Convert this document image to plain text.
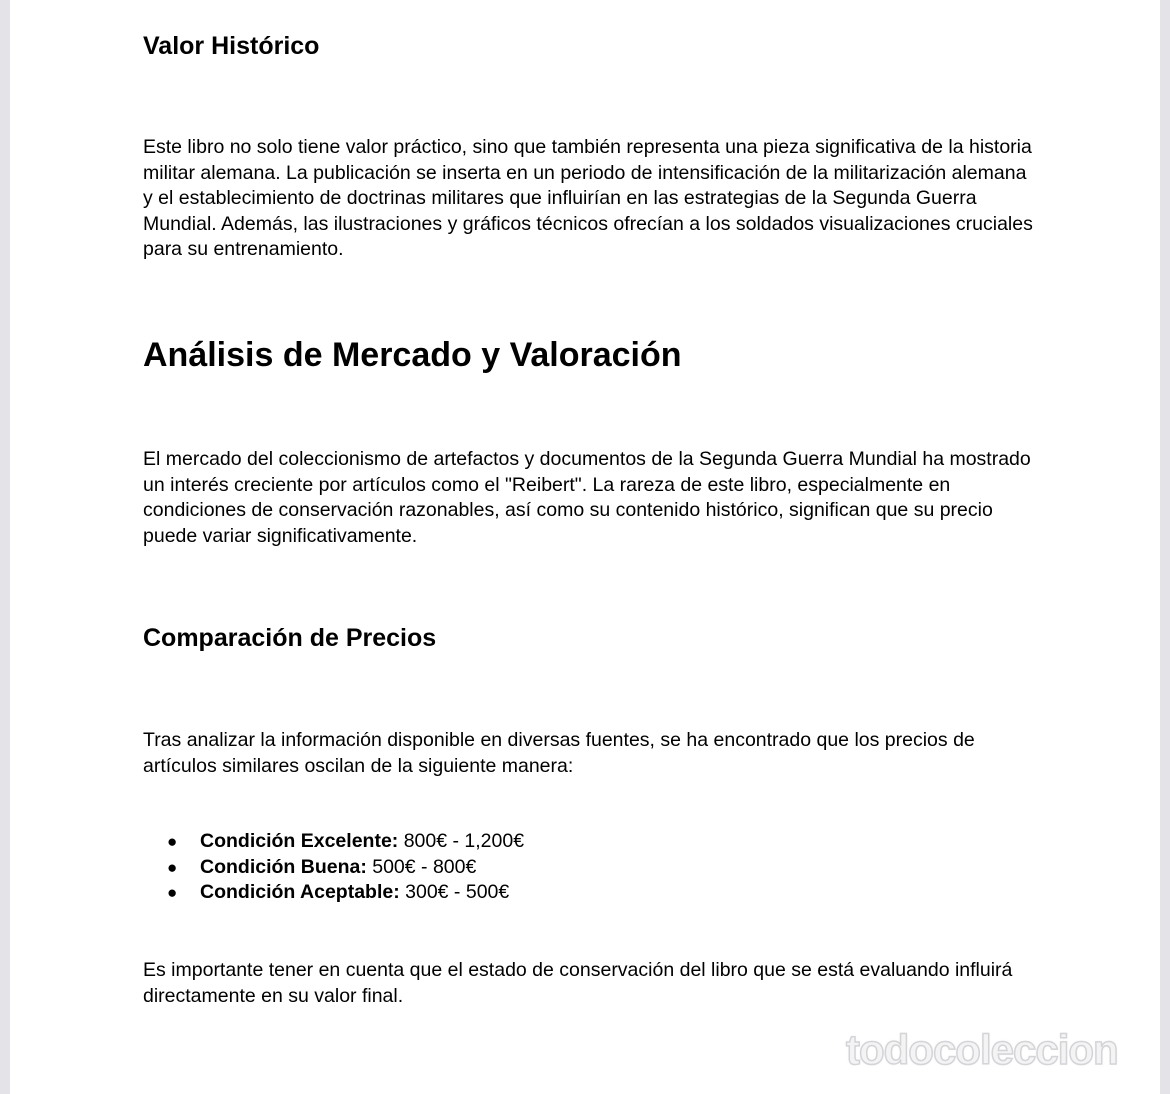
Valor Histórico

Este libro no solo tiene valor práctico, sino que también representa una pieza significativa de la historia militar alemana. La publicación se inserta en un periodo de intensificación de la militarización alemana y el establecimiento de doctrinas militares que influirían en las estrategias de la Segunda Guerra Mundial. Además, las ilustraciones y gráficos técnicos ofrecían a los soldados visualizaciones cruciales para su entrenamiento.

Análisis de Mercado y Valoración

El mercado del coleccionismo de artefactos y documentos de la Segunda Guerra Mundial ha mostrado un interés creciente por artículos como el "Reibert". La rareza de este libro, especialmente en condiciones de conservación razonables, así como su contenido histórico, significan que su precio puede variar significativamente.

Comparación de Precios

Tras analizar la información disponible en diversas fuentes, se ha encontrado que los precios de artículos similares oscilan de la siguiente manera:

● Condición Excelente: 800€ - 1,200€
● Condición Buena: 500€ - 800€
● Condición Aceptable: 300€ - 500€

Es importante tener en cuenta que el estado de conservación del libro que se está evaluando influirá directamente en su valor final.

todocoleccion
